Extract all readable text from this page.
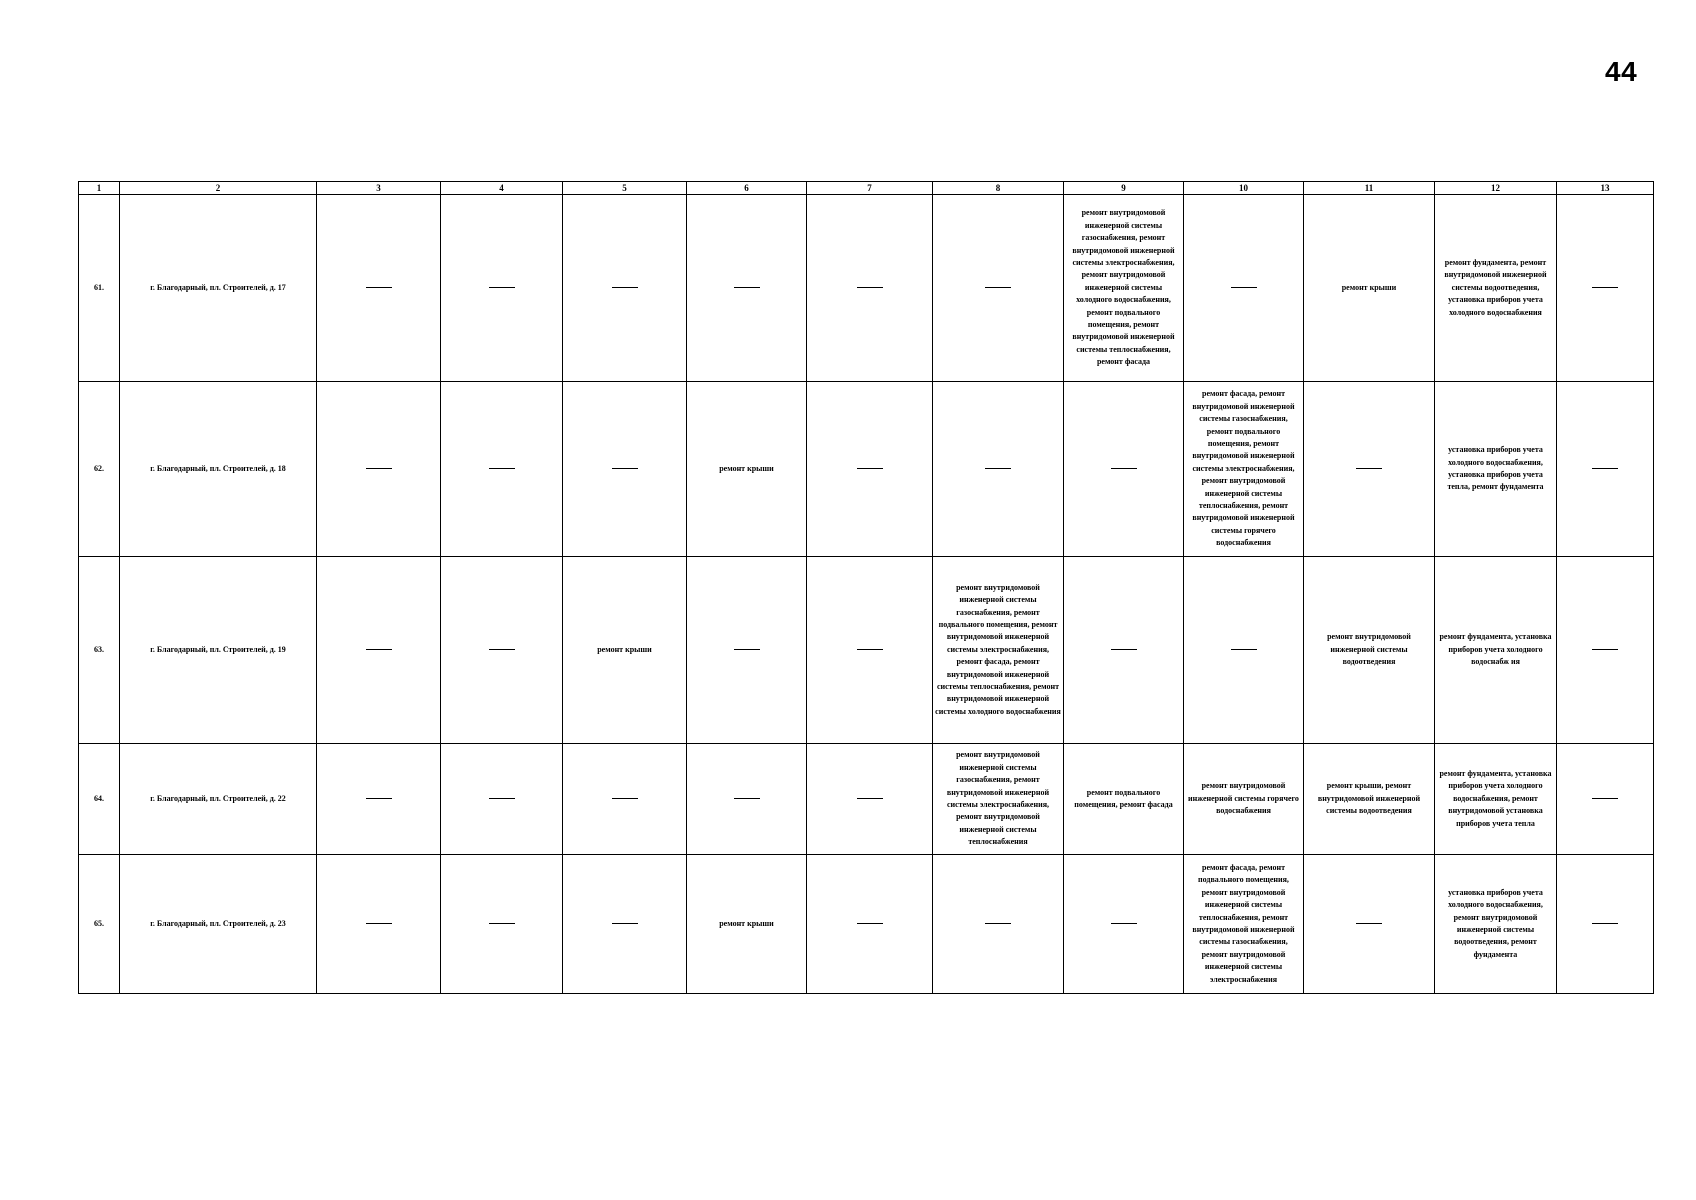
44
1	2	3	4	5	6	7	8	9	10	11	12	13
61.	г. Благодарный, пл. Строителей, д. 17							ремонт внутридомовой инженерной системы газоснабжения, ремонт внутридомовой инженерной системы электроснабжения, ремонт внутридомовой инженерной системы холодного водоснабжения, ремонт подвального помещения, ремонт внутридомовой инженерной системы теплоснабжения, ремонт фасада		ремонт крыши	ремонт фундамента, ремонт внутридомовой инженерной системы водоотведения, установка приборов учета холодного водоснабжения	
62.	г. Благодарный, пл. Строителей, д. 18				ремонт крыши				ремонт фасада, ремонт внутридомовой инженерной системы газоснабжения, ремонт подвального помещения, ремонт внутридомовой инженерной системы электроснабжения, ремонт внутридомовой инженерной системы теплоснабжения, ремонт внутридомовой инженерной системы горячего водоснабжения		установка приборов учета холодного водоснабжения, установка приборов учета тепла, ремонт фундамента	
63.	г. Благодарный, пл. Строителей, д. 19			ремонт крыши			ремонт внутридомовой инженерной системы газоснабжения, ремонт подвального помещения, ремонт внутридомовой инженерной системы электроснабжения, ремонт фасада, ремонт внутридомовой инженерной системы теплоснабжения, ремонт внутридомовой инженерной системы холодного водоснабжения			ремонт внутридомовой инженерной системы водоотведения	ремонт фундамента, установка приборов учета холодного водоснабж ия	
64.	г. Благодарный, пл. Строителей, д. 22						ремонт внутридомовой инженерной системы газоснабжения, ремонт внутридомовой инженерной системы электроснабжения, ремонт внутридомовой инженерной системы теплоснабжения	ремонт подвального помещения, ремонт фасада	ремонт внутридомовой инженерной системы горячего водоснабжения	ремонт крыши, ремонт внутридомовой инженерной системы водоотведения	ремонт фундамента, установка приборов учета холодного водоснабжения, ремонт внутридомовой установка приборов учета тепла	
65.	г. Благодарный, пл. Строителей, д. 23				ремонт крыши				ремонт фасада, ремонт подвального помещения, ремонт внутридомовой инженерной системы теплоснабжения, ремонт внутридомовой инженерной системы газоснабжения, ремонт внутридомовой инженерной системы электроснабжения		установка приборов учета холодного водоснабжения, ремонт внутридомовой инженерной системы водоотведения, ремонт фундамента	
